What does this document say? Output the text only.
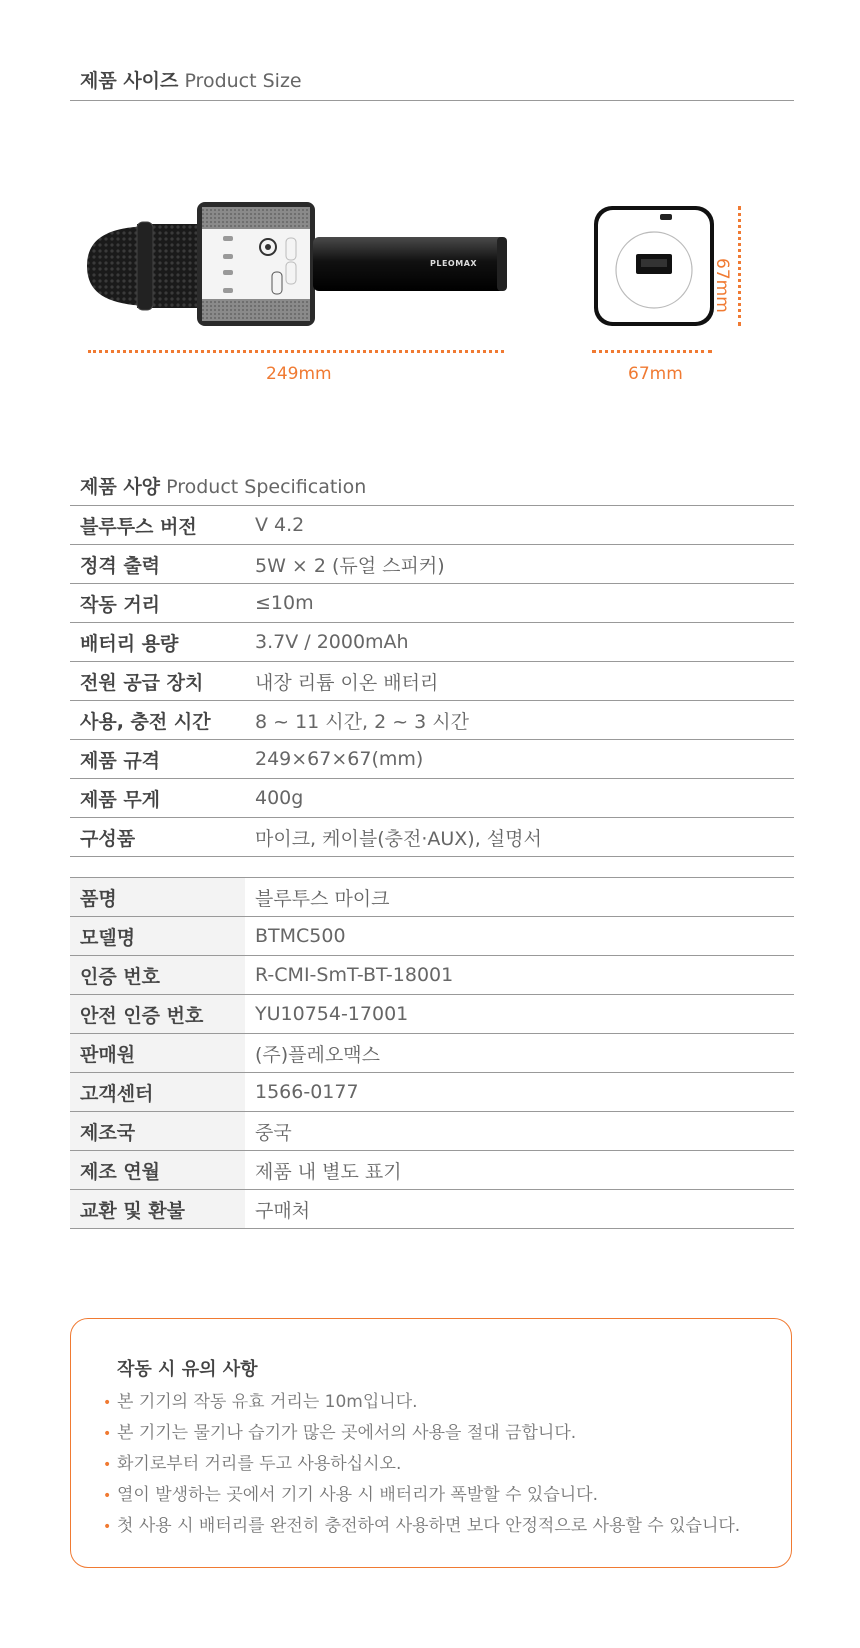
제품 사이즈 Product Size
PLEOMAX
249mm	67mm
67mm
제품 사양 Product Specification
블루투스 버전	V 4.2
정격 출력	5W × 2 (듀얼 스피커)
작동 거리	≤10m
배터리 용량	3.7V / 2000mAh
전원 공급 장치	내장 리튬 이온 배터리
사용, 충전 시간	8 ~ 11 시간, 2 ~ 3 시간
제품 규격	249×67×67(mm)
제품 무게	400g
구성품	마이크, 케이블(충전·AUX), 설명서
품명	블루투스 마이크
모델명	BTMC500
인증 번호	R-CMI-SmT-BT-18001
안전 인증 번호	YU10754-17001
판매원	(주)플레오맥스
고객센터	1566-0177
제조국	중국
제조 연월	제품 내 별도 표기
교환 및 환불	구매처
작동 시 유의 사항
• 본 기기의 작동 유효 거리는 10m입니다.
• 본 기기는 물기나 습기가 많은 곳에서의 사용을 절대 금합니다.
• 화기로부터 거리를 두고 사용하십시오.
• 열이 발생하는 곳에서 기기 사용 시 배터리가 폭발할 수 있습니다.
• 첫 사용 시 배터리를 완전히 충전하여 사용하면 보다 안정적으로 사용할 수 있습니다.
